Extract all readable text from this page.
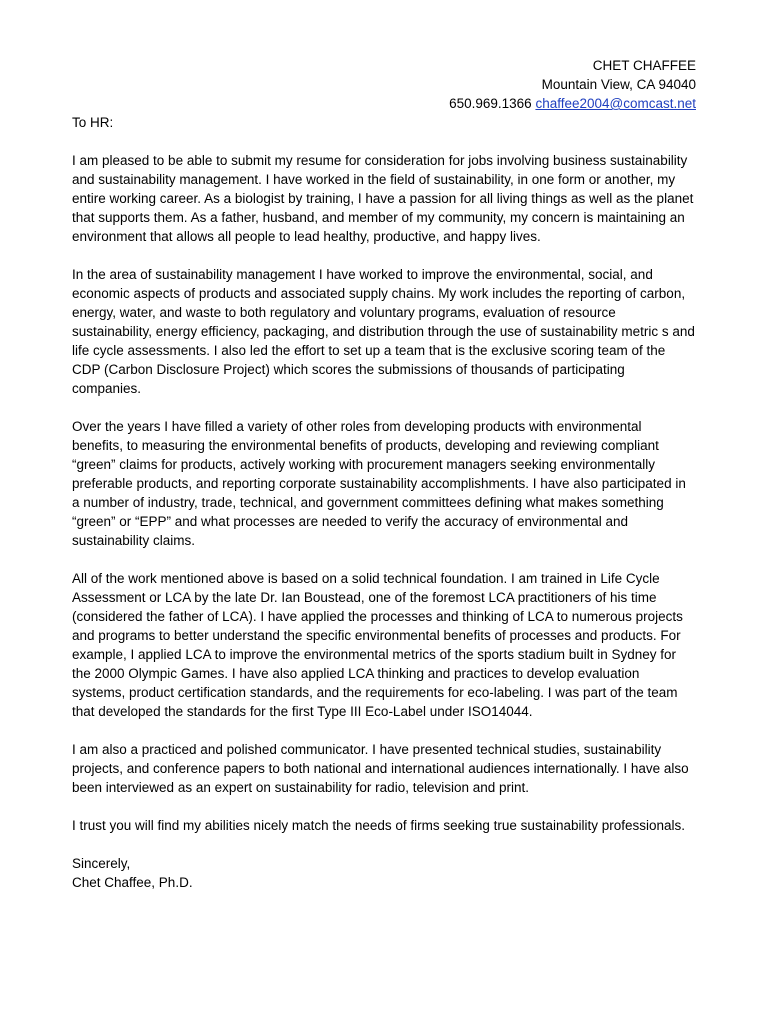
CHET CHAFFEE
Mountain View, CA 94040
650.969.1366 chaffee2004@comcast.net

To HR:

I am pleased to be able to submit my resume for consideration for jobs involving business sustainability and sustainability management. I have worked in the field of sustainability, in one form or another, my entire working career. As a biologist by training, I have a passion for all living things as well as the planet that supports them. As a father, husband, and member of my community, my concern is maintaining an environment that allows all people to lead healthy, productive, and happy lives.

In the area of sustainability management I have worked to improve the environmental, social, and economic aspects of products and associated supply chains. My work includes the reporting of carbon, energy, water, and waste to both regulatory and voluntary programs, evaluation of resource sustainability, energy efficiency, packaging, and distribution through the use of sustainability metric s and life cycle assessments. I also led the effort to set up a team that is the exclusive scoring team of the CDP (Carbon Disclosure Project) which scores the submissions of thousands of participating companies.

Over the years I have filled a variety of other roles from developing products with environmental benefits, to measuring the environmental benefits of products, developing and reviewing compliant “green” claims for products, actively working with procurement managers seeking environmentally preferable products, and reporting corporate sustainability accomplishments. I have also participated in a number of industry, trade, technical, and government committees defining what makes something “green” or “EPP” and what processes are needed to verify the accuracy of environmental and sustainability claims.

All of the work mentioned above is based on a solid technical foundation. I am trained in Life Cycle Assessment or LCA by the late Dr. Ian Boustead, one of the foremost LCA practitioners of his time (considered the father of LCA). I have applied the processes and thinking of LCA to numerous projects and programs to better understand the specific environmental benefits of processes and products. For example, I applied LCA to improve the environmental metrics of the sports stadium built in Sydney for the 2000 Olympic Games. I have also applied LCA thinking and practices to develop evaluation systems, product certification standards, and the requirements for eco-labeling. I was part of the team that developed the standards for the first Type III Eco-Label under ISO14044.

I am also a practiced and polished communicator. I have presented technical studies, sustainability projects, and conference papers to both national and international audiences internationally. I have also been interviewed as an expert on sustainability for radio, television and print.

I trust you will find my abilities nicely match the needs of firms seeking true sustainability professionals.

Sincerely,
Chet Chaffee, Ph.D.
